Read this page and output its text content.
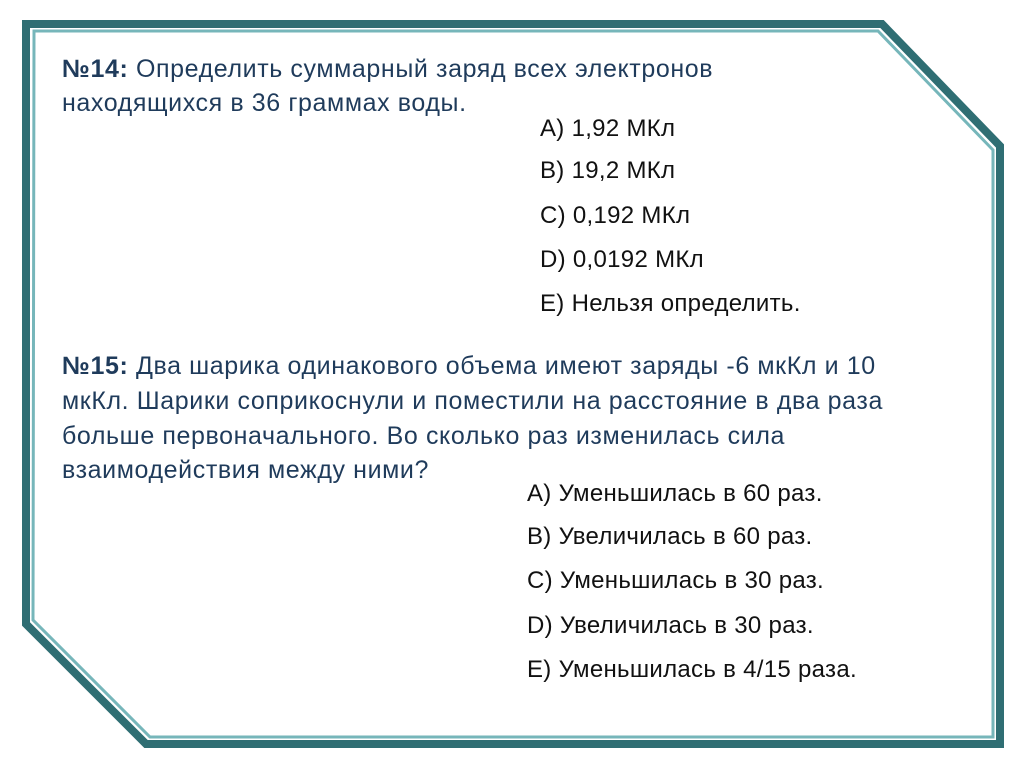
№14: Определить суммарный заряд всех электронов
находящихся в 36 граммах воды.
A) 1,92 МКл
B) 19,2 МКл
C) 0,192 МКл
D) 0,0192 МКл
E) Нельзя определить.
№15: Два шарика одинакового объема имеют заряды -6 мкКл и 10
мкКл. Шарики соприкоснули и поместили на расстояние в два раза
больше первоначального. Во сколько раз изменилась сила
взаимодействия между ними?
A) Уменьшилась в 60 раз.
B) Увеличилась в 60 раз.
C) Уменьшилась в 30 раз.
D) Увеличилась в 30 раз.
E) Уменьшилась в 4/15 раза.
